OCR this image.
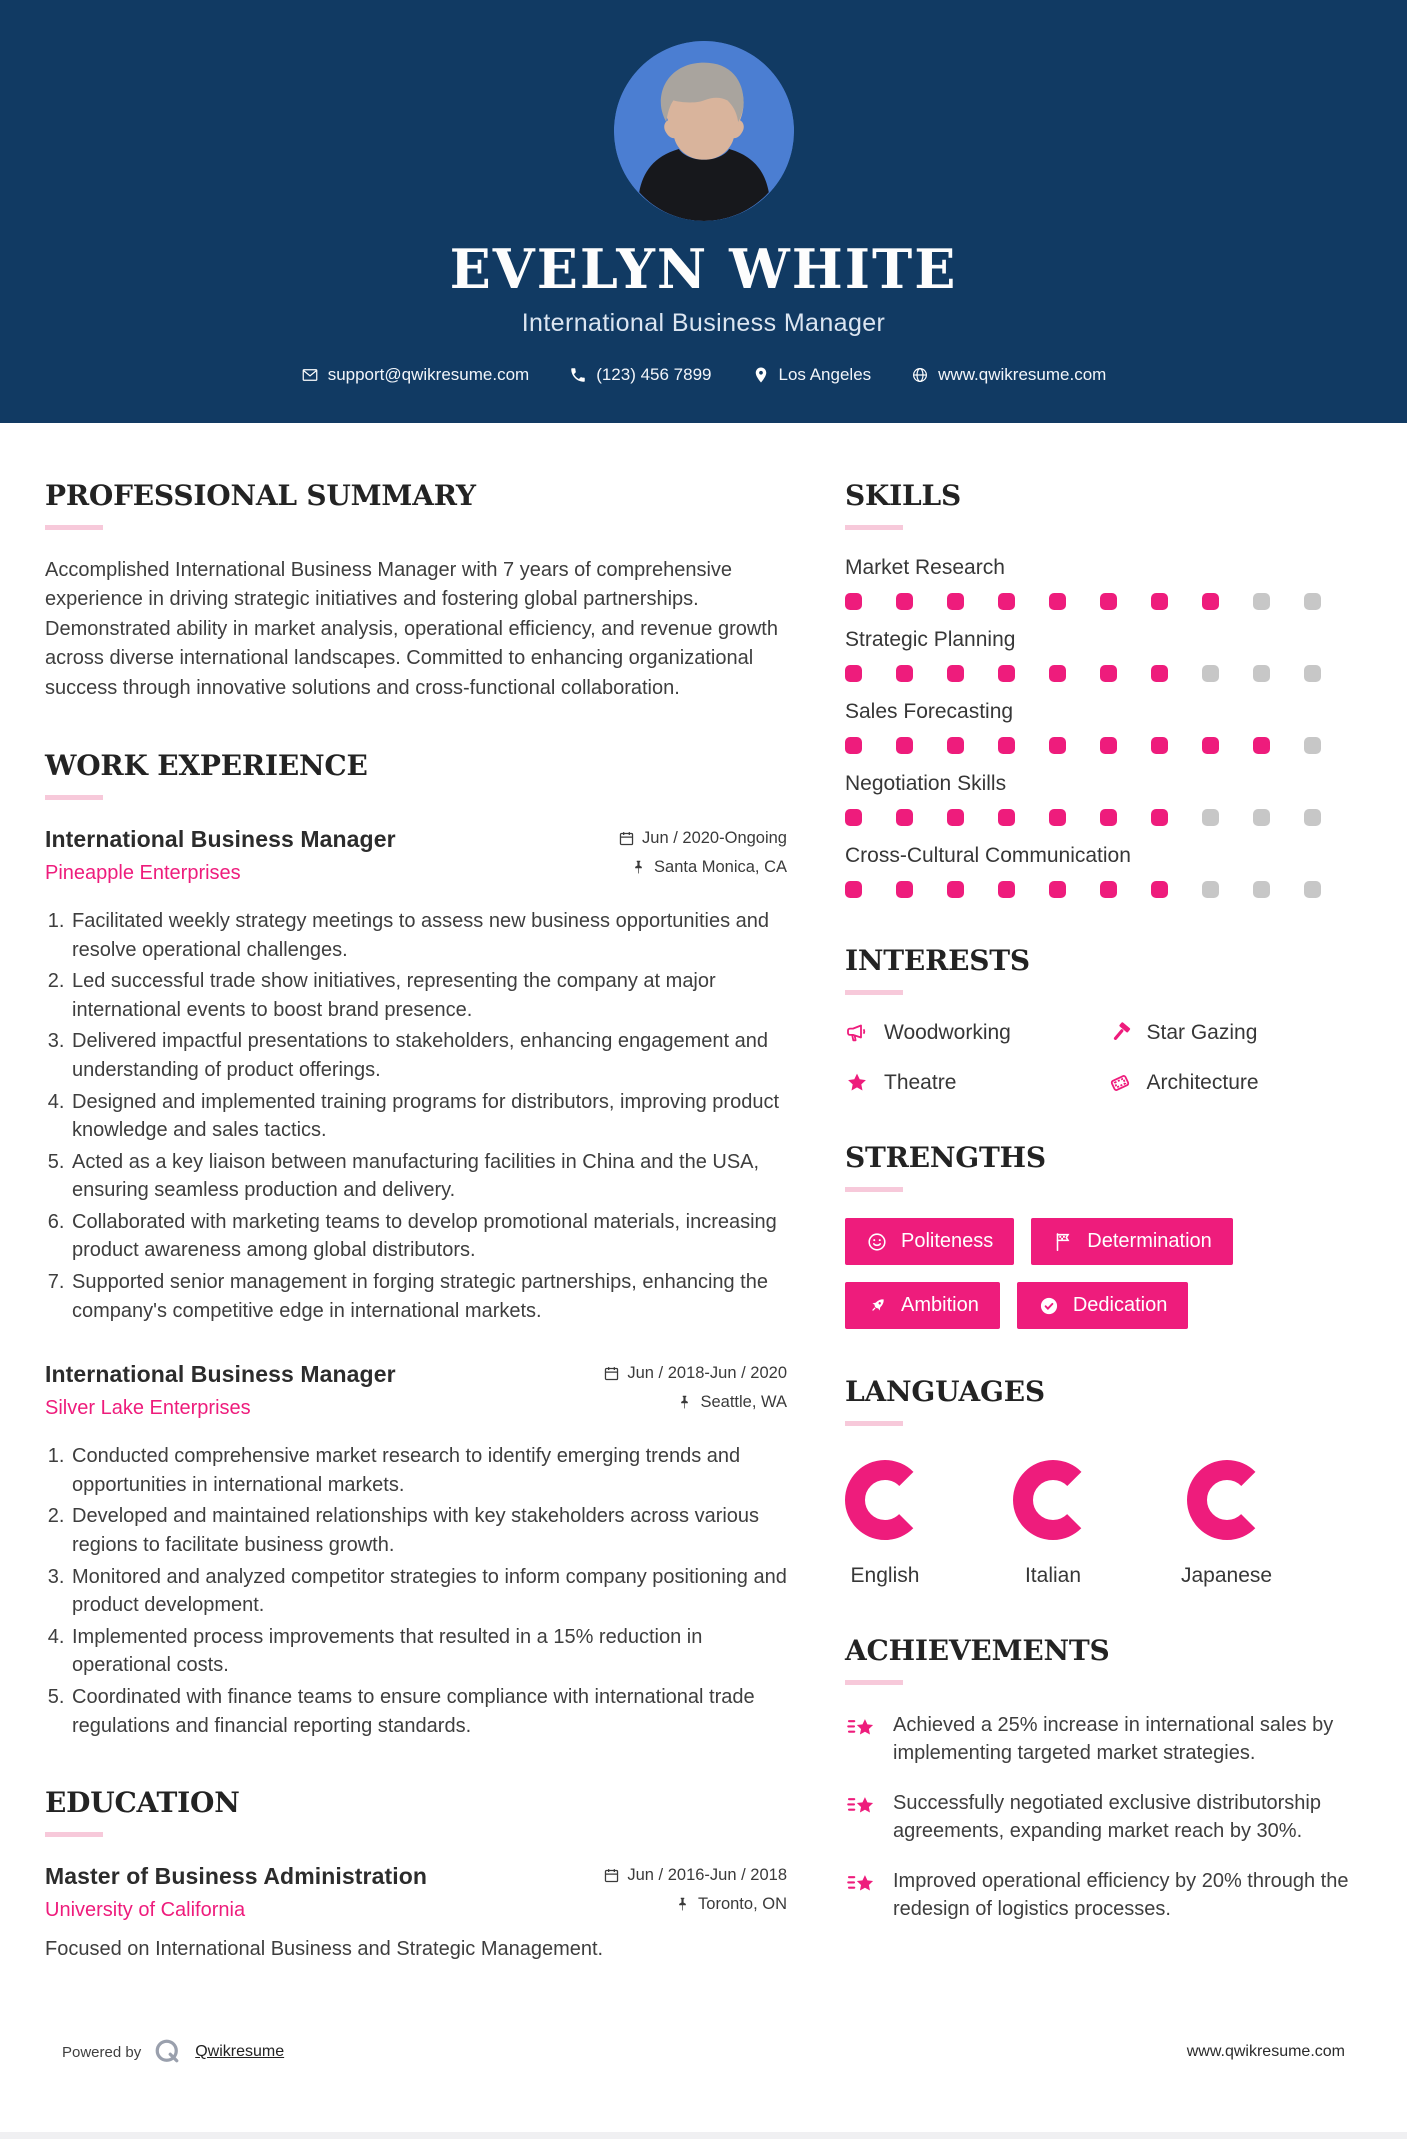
EVELYN WHITE
International Business Manager
support@qwikresume.com	(123) 456 7899	Los Angeles	www.qwikresume.com
PROFESSIONAL SUMMARY

Accomplished International Business Manager with 7 years of comprehensive experience in driving strategic initiatives and fostering global partnerships. Demonstrated ability in market analysis, operational efficiency, and revenue growth across diverse international landscapes. Committed to enhancing organizational success through innovative solutions and cross-functional collaboration.

WORK EXPERIENCE
International Business Manager
Pineapple Enterprises
Jun / 2020-Ongoing
Santa Monica, CA
1. Facilitated weekly strategy meetings to assess new business opportunities and resolve operational challenges.
2. Led successful trade show initiatives, representing the company at major international events to boost brand presence.
3. Delivered impactful presentations to stakeholders, enhancing engagement and understanding of product offerings.
4. Designed and implemented training programs for distributors, improving product knowledge and sales tactics.
5. Acted as a key liaison between manufacturing facilities in China and the USA, ensuring seamless production and delivery.
6. Collaborated with marketing teams to develop promotional materials, increasing product awareness among global distributors.
7. Supported senior management in forging strategic partnerships, enhancing the company's competitive edge in international markets.
International Business Manager
Silver Lake Enterprises
Jun / 2018-Jun / 2020
Seattle, WA
1. Conducted comprehensive market research to identify emerging trends and opportunities in international markets.
2. Developed and maintained relationships with key stakeholders across various regions to facilitate business growth.
3. Monitored and analyzed competitor strategies to inform company positioning and product development.
4. Implemented process improvements that resulted in a 15% reduction in operational costs.
5. Coordinated with finance teams to ensure compliance with international trade regulations and financial reporting standards.
EDUCATION
Master of Business Administration
University of California
Jun / 2016-Jun / 2018
Toronto, ON

Focused on International Business and Strategic Management.

SKILLS
Market Research
Strategic Planning
Sales Forecasting
Negotiation Skills
Cross-Cultural Communication
INTERESTS
Woodworking	Star Gazing
Theatre	Architecture
STRENGTHS
Politeness	Determination
Ambition	Dedication
LANGUAGES
English	Italian	Japanese
ACHIEVEMENTS

Achieved a 25% increase in international sales by implementing targeted market strategies.

Successfully negotiated exclusive distributorship agreements, expanding market reach by 30%.

Improved operational efficiency by 20% through the redesign of logistics processes.

Powered by	Qwikresume	www.qwikresume.com
